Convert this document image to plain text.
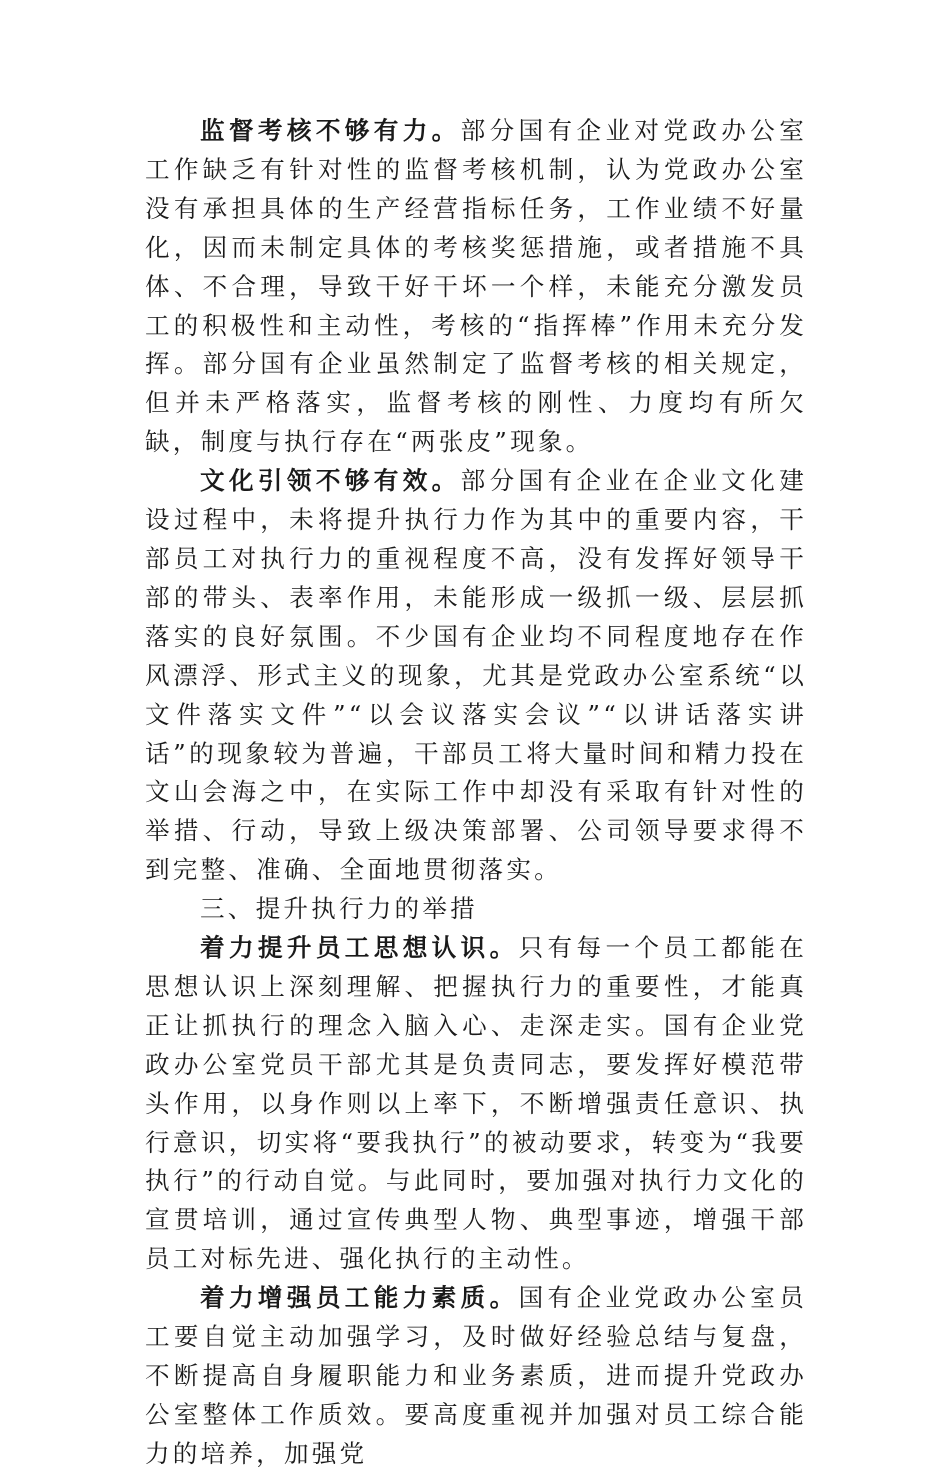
监督考核不够有力。部分国有企业对党政办公室工作缺乏有针对性的监督考核机制，认为党政办公室没有承担具体的生产经营指标任务，工作业绩不好量化，因而未制定具体的考核奖惩措施，或者措施不具体、不合理，导致干好干坏一个样，未能充分激发员工的积极性和主动性，考核的“指挥棒”作用未充分发挥。部分国有企业虽然制定了监督考核的相关规定，但并未严格落实，监督考核的刚性、力度均有所欠缺，制度与执行存在“两张皮”现象。

文化引领不够有效。部分国有企业在企业文化建设过程中，未将提升执行力作为其中的重要内容，干部员工对执行力的重视程度不高，没有发挥好领导干部的带头、表率作用，未能形成一级抓一级、层层抓落实的良好氛围。不少国有企业均不同程度地存在作风漂浮、形式主义的现象，尤其是党政办公室系统“以文件落实文件”“以会议落实会议”“以讲话落实讲话”的现象较为普遍，干部员工将大量时间和精力投在文山会海之中，在实际工作中却没有采取有针对性的举措、行动，导致上级决策部署、公司领导要求得不到完整、准确、全面地贯彻落实。

三、提升执行力的举措

着力提升员工思想认识。只有每一个员工都能在思想认识上深刻理解、把握执行力的重要性，才能真正让抓执行的理念入脑入心、走深走实。国有企业党政办公室党员干部尤其是负责同志，要发挥好模范带头作用，以身作则以上率下，不断增强责任意识、执行意识，切实将“要我执行”的被动要求，转变为“我要执行”的行动自觉。与此同时，要加强对执行力文化的宣贯培训，通过宣传典型人物、典型事迹，增强干部员工对标先进、强化执行的主动性。

着力增强员工能力素质。国有企业党政办公室员工要自觉主动加强学习，及时做好经验总结与复盘，不断提高自身履职能力和业务素质，进而提升党政办公室整体工作质效。要高度重视并加强对员工综合能力的培养，加强党
